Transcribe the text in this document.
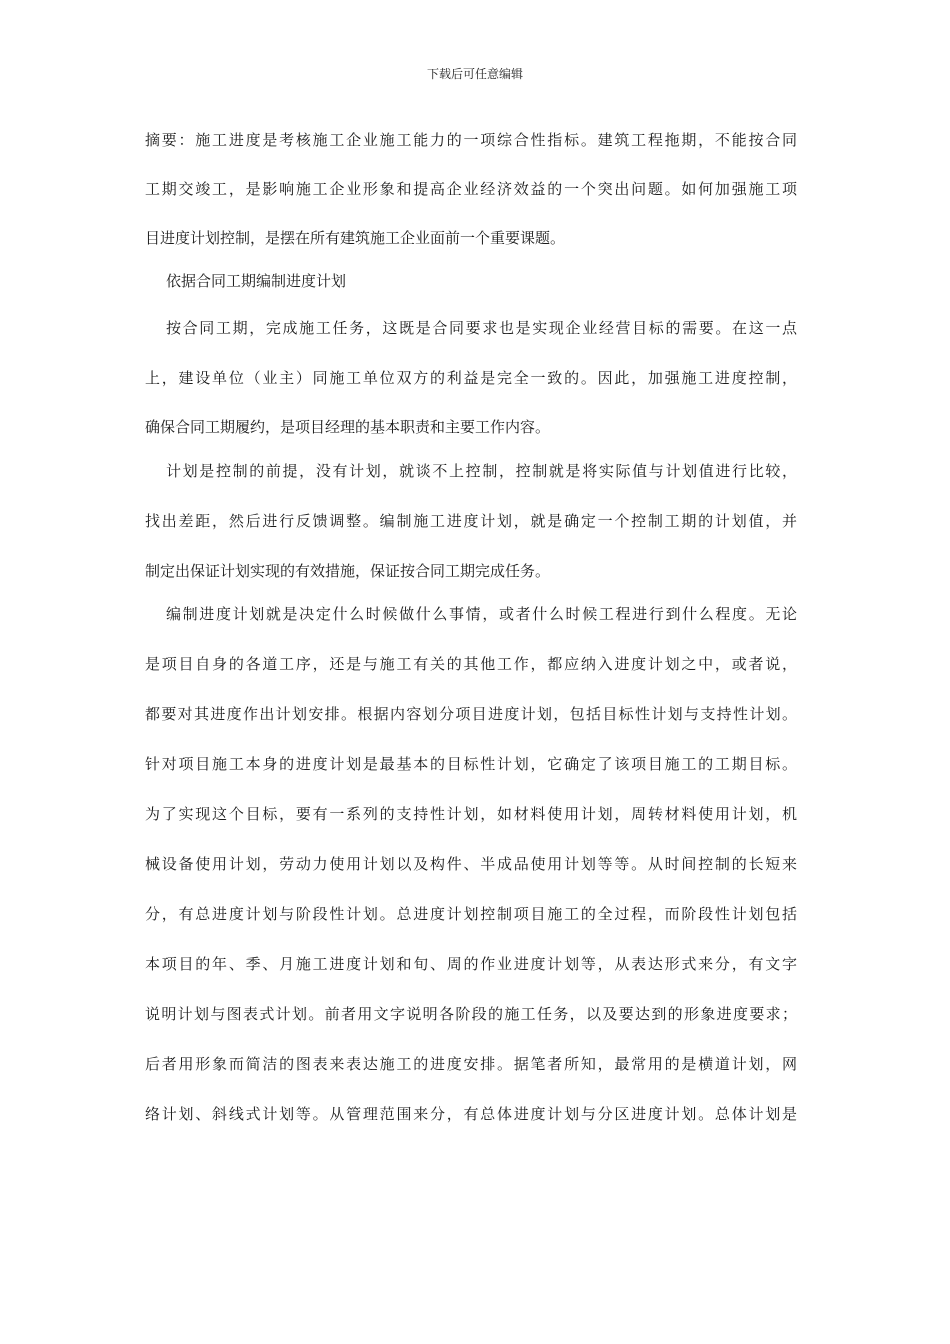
下载后可任意编辑
摘要：施工进度是考核施工企业施工能力的一项综合性指标。建筑工程拖期，不能按合同
工期交竣工，是影响施工企业形象和提高企业经济效益的一个突出问题。如何加强施工项
目进度计划控制，是摆在所有建筑施工企业面前一个重要课题。
依据合同工期编制进度计划
按合同工期，完成施工任务，这既是合同要求也是实现企业经营目标的需要。在这一点
上，建设单位（业主）同施工单位双方的利益是完全一致的。因此，加强施工进度控制，
确保合同工期履约，是项目经理的基本职责和主要工作内容。
计划是控制的前提，没有计划，就谈不上控制，控制就是将实际值与计划值进行比较，
找出差距，然后进行反馈调整。编制施工进度计划，就是确定一个控制工期的计划值，并
制定出保证计划实现的有效措施，保证按合同工期完成任务。
编制进度计划就是决定什么时候做什么事情，或者什么时候工程进行到什么程度。无论
是项目自身的各道工序，还是与施工有关的其他工作，都应纳入进度计划之中，或者说，
都要对其进度作出计划安排。根据内容划分项目进度计划，包括目标性计划与支持性计划。
针对项目施工本身的进度计划是最基本的目标性计划，它确定了该项目施工的工期目标。
为了实现这个目标，要有一系列的支持性计划，如材料使用计划，周转材料使用计划，机
械设备使用计划，劳动力使用计划以及构件、半成品使用计划等等。从时间控制的长短来
分，有总进度计划与阶段性计划。总进度计划控制项目施工的全过程，而阶段性计划包括
本项目的年、季、月施工进度计划和旬、周的作业进度计划等，从表达形式来分，有文字
说明计划与图表式计划。前者用文字说明各阶段的施工任务，以及要达到的形象进度要求；
后者用形象而简洁的图表来表达施工的进度安排。据笔者所知，最常用的是横道计划，网
络计划、斜线式计划等。从管理范围来分，有总体进度计划与分区进度计划。总体计划是
